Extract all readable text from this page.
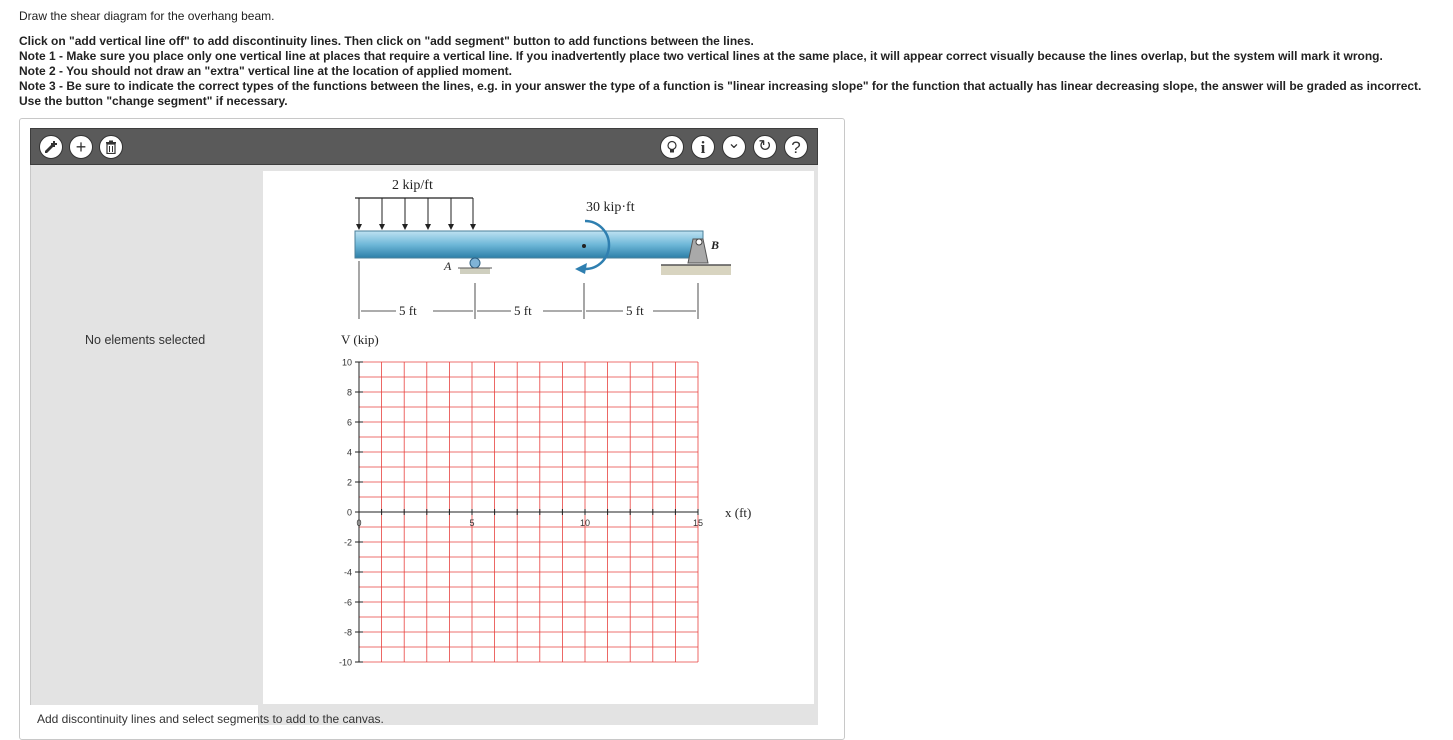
Draw the shear diagram for the overhang beam.
Click on "add vertical line off" to add discontinuity lines. Then click on "add segment" button to add functions between the lines.
Note 1 - Make sure you place only one vertical line at places that require a vertical line. If you inadvertently place two vertical lines at the same place, it will appear correct visually because the lines overlap, but the system will mark it wrong.
Note 2 - You should not draw an "extra" vertical line at the location of applied moment.
Note 3 - Be sure to indicate the correct types of the functions between the lines, e.g. in your answer the type of a function is "linear increasing slope" for the function that actually has linear decreasing slope, the answer will be graded as incorrect.
Use the button "change segment" if necessary.
+	i ⌄ ↻ ?
No elements selected
2 kip/ft
30 kip·ft
A
B
5 ft	5 ft	5 ft
V (kip)
x (ft)
10
8
6
4
2
0
-2
-4
-6
-8
-10
0	5	10	15
Add discontinuity lines and select segments to add to the canvas.
